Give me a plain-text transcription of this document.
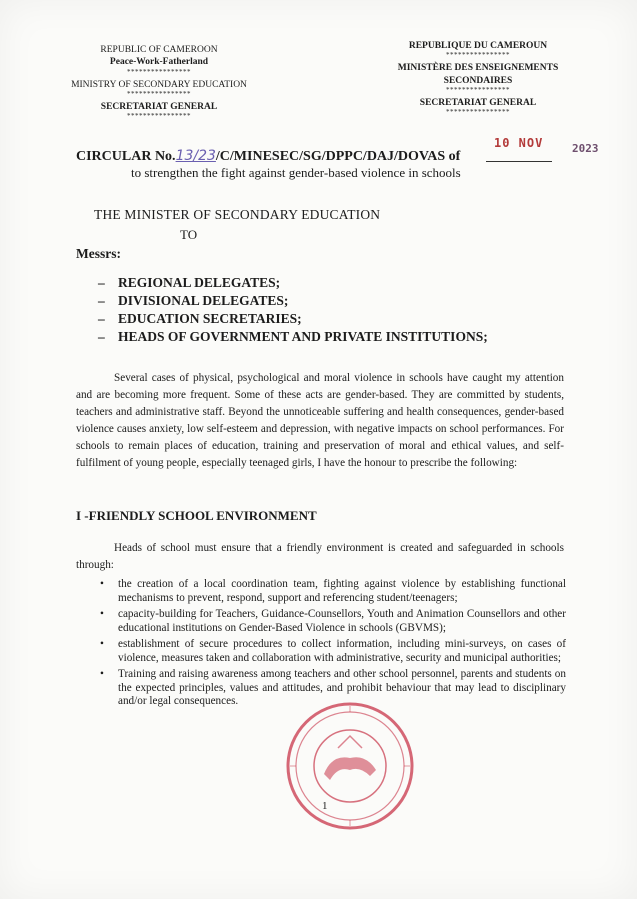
REPUBLIC OF CAMEROON
Peace-Work-Fatherland
****************
MINISTRY OF SECONDARY EDUCATION
****************
SECRETARIAT GENERAL
****************
REPUBLIQUE DU CAMEROUN
****************
MINISTÈRE DES ENSEIGNEMENTS
SECONDAIRES
****************
SECRETARIAT GENERAL
****************
CIRCULAR No.13/23/C/MINESEC/SG/DPPC/DAJ/DOVAS of
10 NOV	2023
to strengthen the fight against gender-based violence in schools
THE MINISTER OF SECONDARY EDUCATION
TO
Messrs:
– REGIONAL DELEGATES;
– DIVISIONAL DELEGATES;
– EDUCATION SECRETARIES;
– HEADS OF GOVERNMENT AND PRIVATE INSTITUTIONS;
Several cases of physical, psychological and moral violence in schools have caught my attention and are becoming more frequent. Some of these acts are gender-based. They are committed by students, teachers and administrative staff. Beyond the unnoticeable suffering and health consequences, gender-based violence causes anxiety, low self-esteem and depression, with negative impacts on school performances. For schools to remain places of education, training and preservation of moral and ethical values, and self-fulfilment of young people, especially teenaged girls, I have the honour to prescribe the following:
I -FRIENDLY SCHOOL ENVIRONMENT
Heads of school must ensure that a friendly environment is created and safeguarded in schools through:
• the creation of a local coordination team, fighting against violence by establishing functional mechanisms to prevent, respond, support and referencing student/teenagers;
• capacity-building for Teachers, Guidance-Counsellors, Youth and Animation Counsellors and other educational institutions on Gender-Based Violence in schools (GBVMS);
• establishment of secure procedures to collect information, including mini-surveys, on cases of violence, measures taken and collaboration with administrative, security and municipal authorities;
• Training and raising awareness among teachers and other school personnel, parents and students on the expected principles, values and attitudes, and prohibit behaviour that may lead to disciplinary and/or legal consequences.
1
